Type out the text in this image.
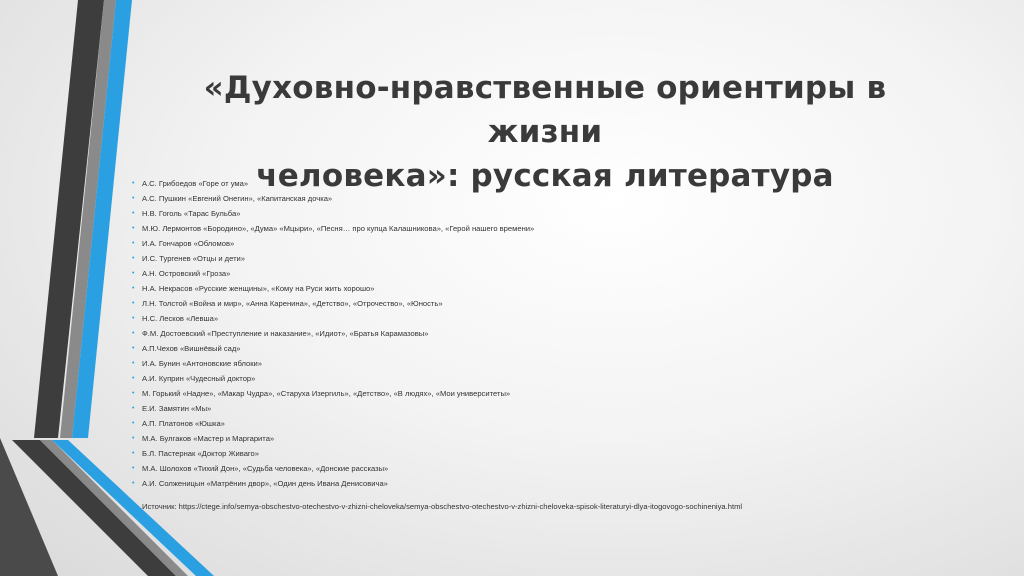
«Духовно-нравственные ориентиры в жизни
человека»: русская литература
• А.С. Грибоедов «Горе от ума»
• А.С. Пушкин «Евгений Онегин», «Капитанская дочка»
• Н.В. Гоголь «Тарас Бульба»
• М.Ю. Лермонтов «Бородино», «Дума» «Мцыри», «Песня… про купца Калашникова», «Герой нашего времени»
• И.А. Гончаров «Обломов»
• И.С. Тургенев «Отцы и дети»
• А.Н. Островский «Гроза»
• Н.А. Некрасов «Русские женщины», «Кому на Руси жить хорошо»
• Л.Н. Толстой «Война и мир», «Анна Каренина», «Детство», «Отрочество», «Юность»
• Н.С. Лесков «Левша»
• Ф.М. Достоевский «Преступление и наказание», «Идиот», «Братья Карамазовы»
• А.П.Чехов «Вишнёвый сад»
• И.А. Бунин «Антоновские яблоки»
• А.И. Куприн «Чудесный доктор»
• М. Горький «Наднe», «Макар Чудра», «Старуха Изергиль», «Детство», «В людях», «Мои университеты»
• Е.И. Замятин «Мы»
• А.П. Платонов «Юшка»
• М.А. Булгаков «Мастер и Маргарита»
• Б.Л. Пастернак «Доктор Живаго»
• М.А. Шолохов «Тихий Дон», «Судьба человека», «Донские рассказы»
• А.И. Солженицын «Матрёнин двор», «Один день Ивана Денисовича»
Источник: https://ctege.info/semya-obschestvo-otechestvo-v-zhizni-cheloveka/semya-obschestvo-otechestvo-v-zhizni-cheloveka-spisok-literaturyi-dlya-itogovogo-sochineniya.html
